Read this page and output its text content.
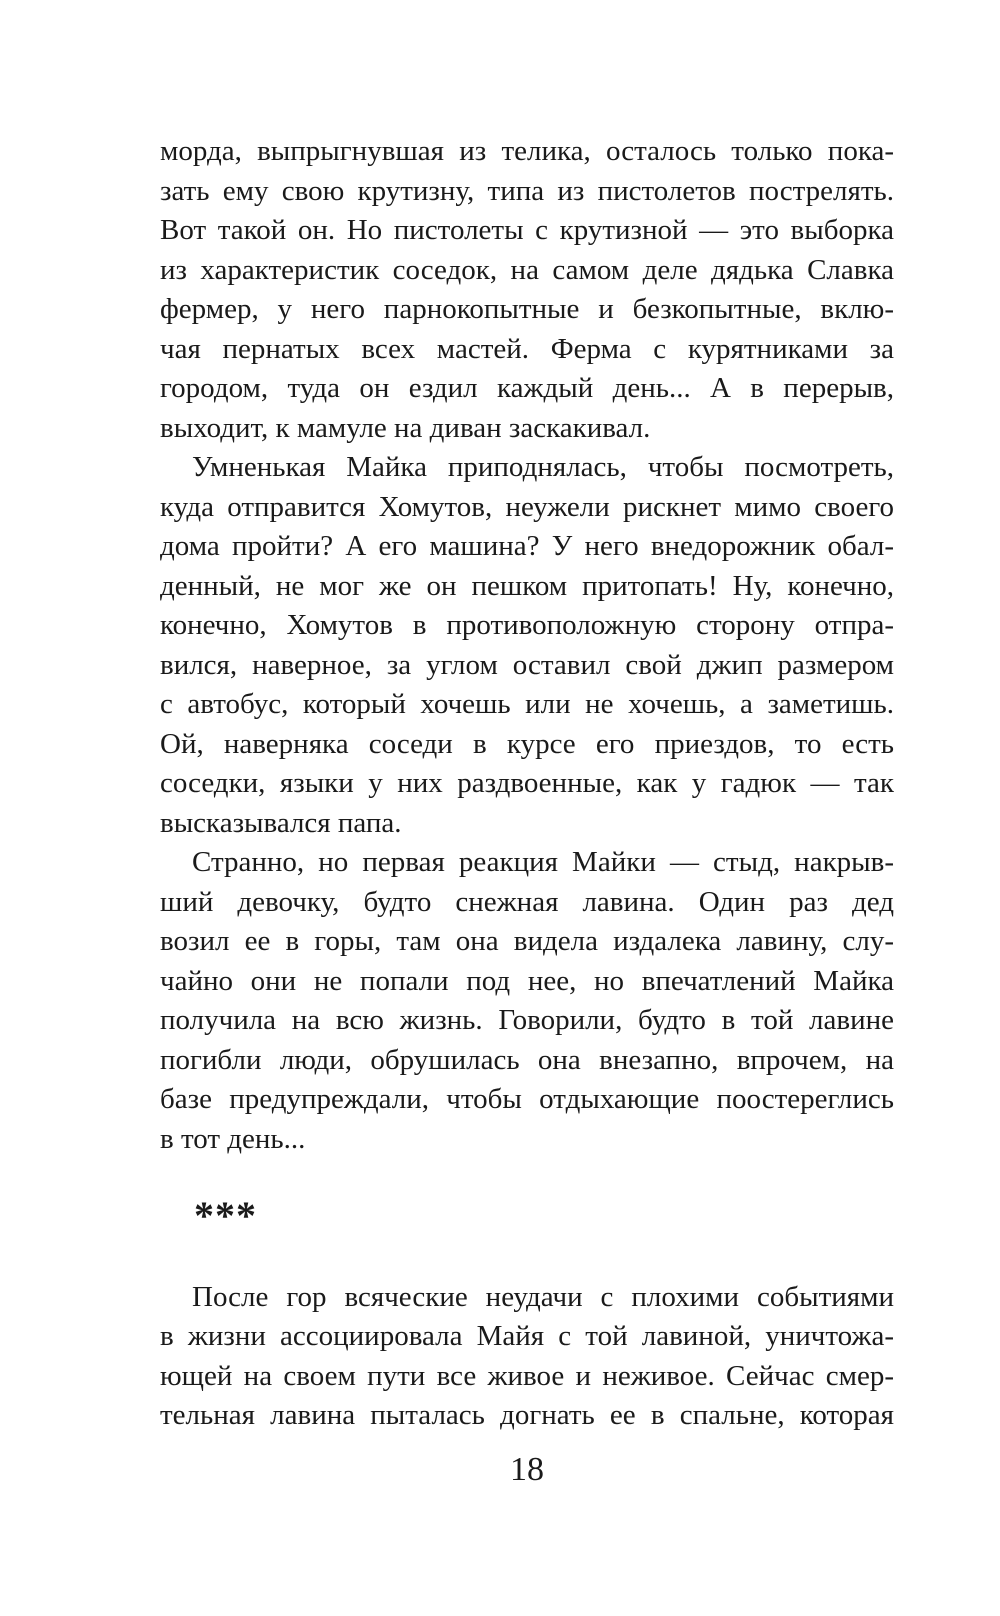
морда, выпрыгнувшая из телика, осталось только пока-
зать ему свою крутизну, типа из пистолетов пострелять.
Вот такой он. Но пистолеты с крутизной — это выборка
из характеристик соседок, на самом деле дядька Славка
фермер, у него парнокопытные и безкопытные, вклю-
чая пернатых всех мастей. Ферма с курятниками за
городом, туда он ездил каждый день... А в перерыв,
выходит, к мамуле на диван заскакивал.
Умненькая Майка приподнялась, чтобы посмотреть,
куда отправится Хомутов, неужели рискнет мимо своего
дома пройти? А его машина? У него внедорожник обал-
денный, не мог же он пешком притопать! Ну, конечно,
конечно, Хомутов в противоположную сторону отпра-
вился, наверное, за углом оставил свой джип размером
с автобус, который хочешь или не хочешь, а заметишь.
Ой, наверняка соседи в курсе его приездов, то есть
соседки, языки у них раздвоенные, как у гадюк — так
высказывался папа.
Странно, но первая реакция Майки — стыд, накрыв-
ший девочку, будто снежная лавина. Один раз дед
возил ее в горы, там она видела издалека лавину, слу-
чайно они не попали под нее, но впечатлений Майка
получила на всю жизнь. Говорили, будто в той лавине
погибли люди, обрушилась она внезапно, впрочем, на
базе предупреждали, чтобы отдыхающие поостереглись
в тот день...
***
После гор всяческие неудачи с плохими событиями
в жизни ассоциировала Майя с той лавиной, уничтожа-
ющей на своем пути все живое и неживое. Сейчас смер-
тельная лавина пыталась догнать ее в спальне, которая
18
